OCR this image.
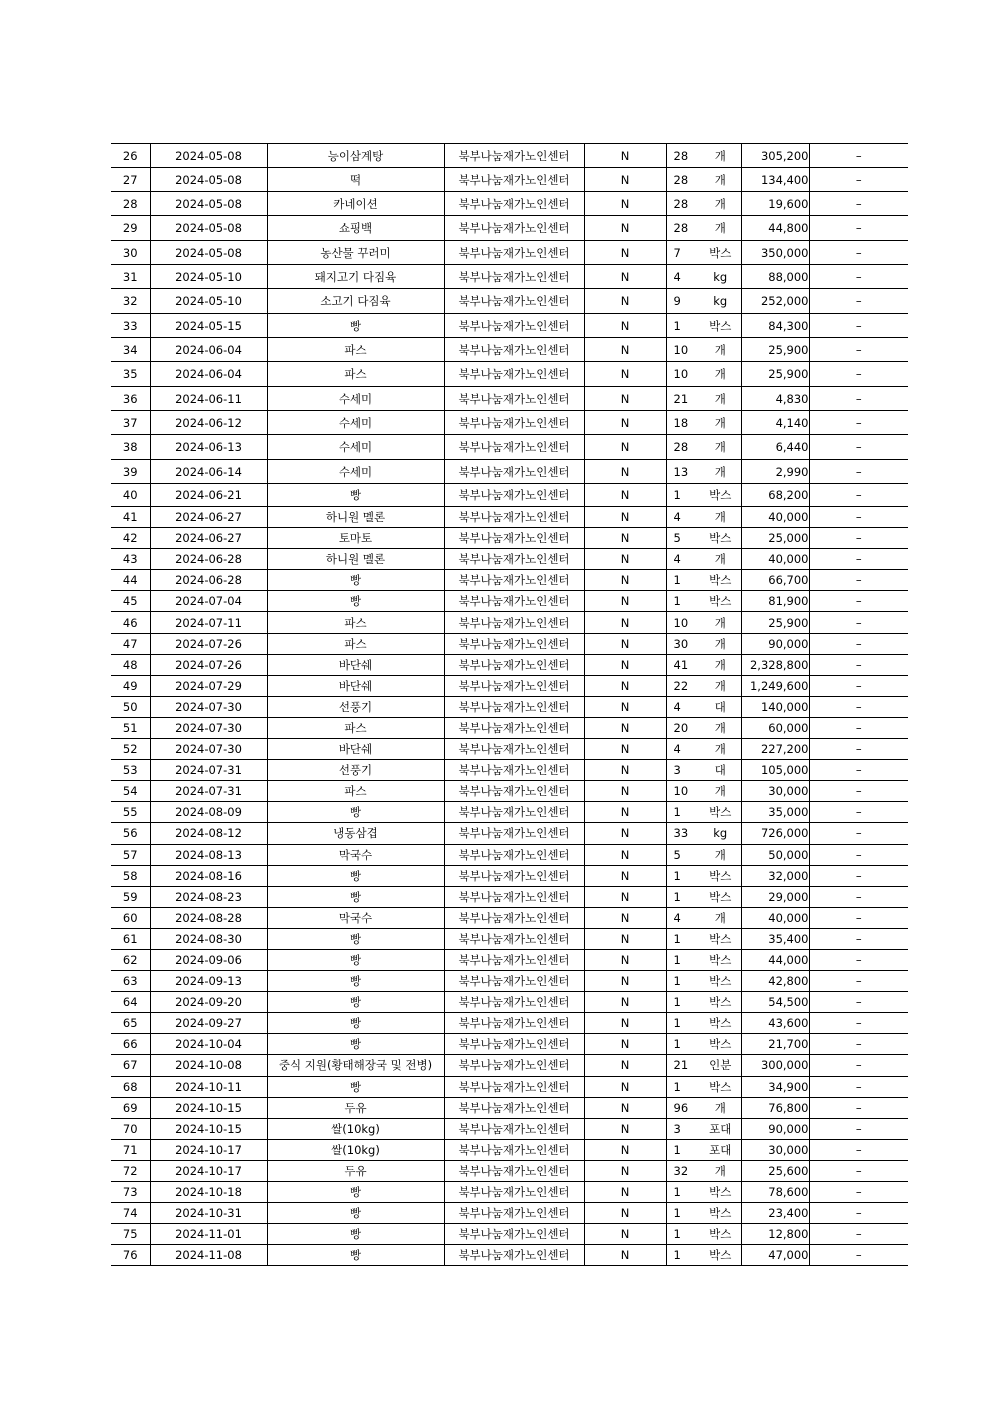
26	2024-05-08	능이삼계탕	북부나눔재가노인센터	N	28	개	305,200	–
27	2024-05-08	떡	북부나눔재가노인센터	N	28	개	134,400	–
28	2024-05-08	카네이션	북부나눔재가노인센터	N	28	개	19,600	–
29	2024-05-08	쇼핑백	북부나눔재가노인센터	N	28	개	44,800	–
30	2024-05-08	농산물 꾸러미	북부나눔재가노인센터	N	7	박스	350,000	–
31	2024-05-10	돼지고기 다짐육	북부나눔재가노인센터	N	4	kg	88,000	–
32	2024-05-10	소고기 다짐육	북부나눔재가노인센터	N	9	kg	252,000	–
33	2024-05-15	빵	북부나눔재가노인센터	N	1	박스	84,300	–
34	2024-06-04	파스	북부나눔재가노인센터	N	10	개	25,900	–
35	2024-06-04	파스	북부나눔재가노인센터	N	10	개	25,900	–
36	2024-06-11	수세미	북부나눔재가노인센터	N	21	개	4,830	–
37	2024-06-12	수세미	북부나눔재가노인센터	N	18	개	4,140	–
38	2024-06-13	수세미	북부나눔재가노인센터	N	28	개	6,440	–
39	2024-06-14	수세미	북부나눔재가노인센터	N	13	개	2,990	–
40	2024-06-21	빵	북부나눔재가노인센터	N	1	박스	68,200	–
41	2024-06-27	하니원 멜론	북부나눔재가노인센터	N	4	개	40,000	–
42	2024-06-27	토마토	북부나눔재가노인센터	N	5	박스	25,000	–
43	2024-06-28	하니원 멜론	북부나눔재가노인센터	N	4	개	40,000	–
44	2024-06-28	빵	북부나눔재가노인센터	N	1	박스	66,700	–
45	2024-07-04	빵	북부나눔재가노인센터	N	1	박스	81,900	–
46	2024-07-11	파스	북부나눔재가노인센터	N	10	개	25,900	–
47	2024-07-26	파스	북부나눔재가노인센터	N	30	개	90,000	–
48	2024-07-26	바단쉐	북부나눔재가노인센터	N	41	개	2,328,800	–
49	2024-07-29	바단쉐	북부나눔재가노인센터	N	22	개	1,249,600	–
50	2024-07-30	선풍기	북부나눔재가노인센터	N	4	대	140,000	–
51	2024-07-30	파스	북부나눔재가노인센터	N	20	개	60,000	–
52	2024-07-30	바단쉐	북부나눔재가노인센터	N	4	개	227,200	–
53	2024-07-31	선풍기	북부나눔재가노인센터	N	3	대	105,000	–
54	2024-07-31	파스	북부나눔재가노인센터	N	10	개	30,000	–
55	2024-08-09	빵	북부나눔재가노인센터	N	1	박스	35,000	–
56	2024-08-12	냉동삼겹	북부나눔재가노인센터	N	33	kg	726,000	–
57	2024-08-13	막국수	북부나눔재가노인센터	N	5	개	50,000	–
58	2024-08-16	빵	북부나눔재가노인센터	N	1	박스	32,000	–
59	2024-08-23	빵	북부나눔재가노인센터	N	1	박스	29,000	–
60	2024-08-28	막국수	북부나눔재가노인센터	N	4	개	40,000	–
61	2024-08-30	빵	북부나눔재가노인센터	N	1	박스	35,400	–
62	2024-09-06	빵	북부나눔재가노인센터	N	1	박스	44,000	–
63	2024-09-13	빵	북부나눔재가노인센터	N	1	박스	42,800	–
64	2024-09-20	빵	북부나눔재가노인센터	N	1	박스	54,500	–
65	2024-09-27	빵	북부나눔재가노인센터	N	1	박스	43,600	–
66	2024-10-04	빵	북부나눔재가노인센터	N	1	박스	21,700	–
67	2024-10-08	중식 지원(황태해장국 및 전병)	북부나눔재가노인센터	N	21	인분	300,000	–
68	2024-10-11	빵	북부나눔재가노인센터	N	1	박스	34,900	–
69	2024-10-15	두유	북부나눔재가노인센터	N	96	개	76,800	–
70	2024-10-15	쌀(10kg)	북부나눔재가노인센터	N	3	포대	90,000	–
71	2024-10-17	쌀(10kg)	북부나눔재가노인센터	N	1	포대	30,000	–
72	2024-10-17	두유	북부나눔재가노인센터	N	32	개	25,600	–
73	2024-10-18	빵	북부나눔재가노인센터	N	1	박스	78,600	–
74	2024-10-31	빵	북부나눔재가노인센터	N	1	박스	23,400	–
75	2024-11-01	빵	북부나눔재가노인센터	N	1	박스	12,800	–
76	2024-11-08	빵	북부나눔재가노인센터	N	1	박스	47,000	–
